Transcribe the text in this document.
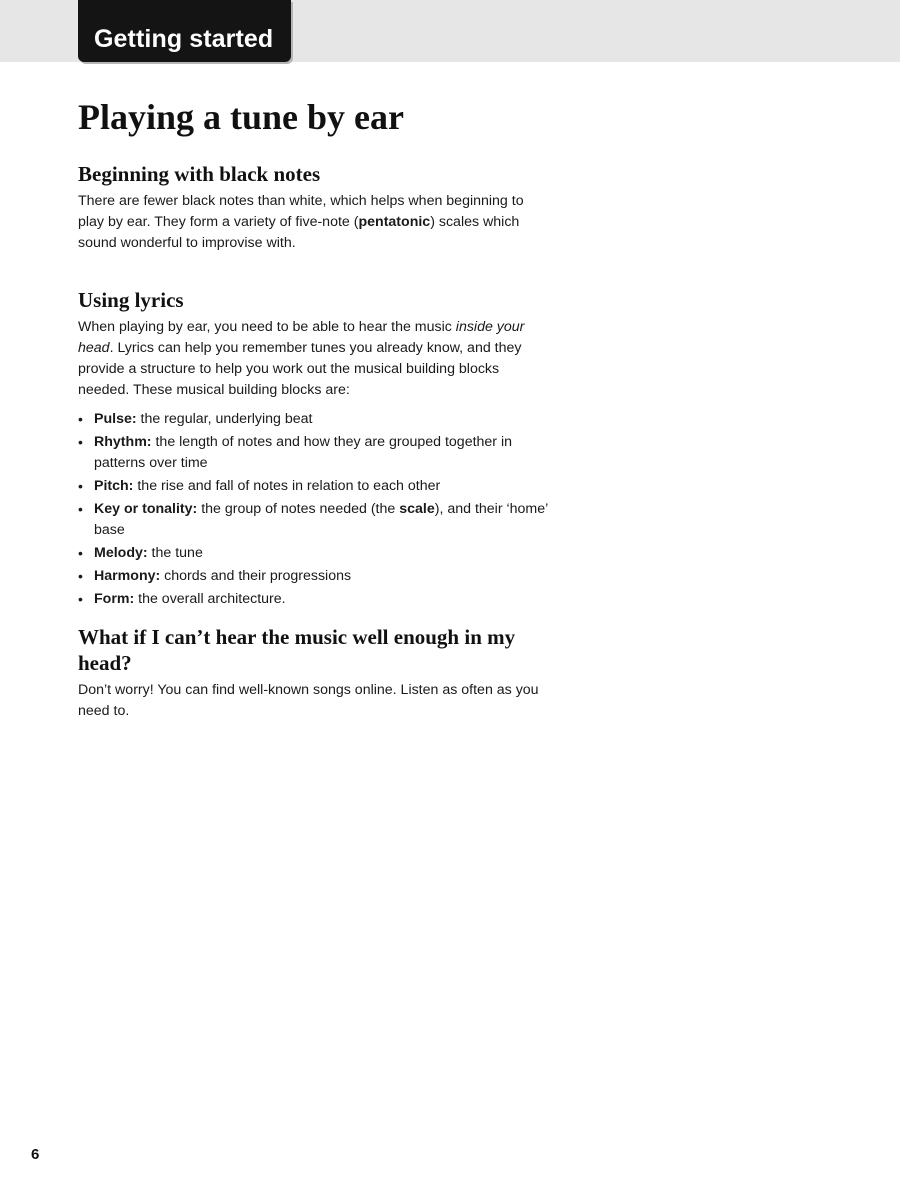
Getting started
Playing a tune by ear
Beginning with black notes

There are fewer black notes than white, which helps when beginning to play by ear. They form a variety of five-note (pentatonic) scales which sound wonderful to improvise with.

Using lyrics

When playing by ear, you need to be able to hear the music inside your head. Lyrics can help you remember tunes you already know, and they provide a structure to help you work out the musical building blocks needed. These musical building blocks are:

• Pulse: the regular, underlying beat
• Rhythm: the length of notes and how they are grouped together in patterns over time
• Pitch: the rise and fall of notes in relation to each other
• Key or tonality: the group of notes needed (the scale), and their ‘home’ base
• Melody: the tune
• Harmony: chords and their progressions
• Form: the overall architecture.
What if I can’t hear the music well enough in my head?

Don’t worry! You can find well-known songs online. Listen as often as you need to.

6
